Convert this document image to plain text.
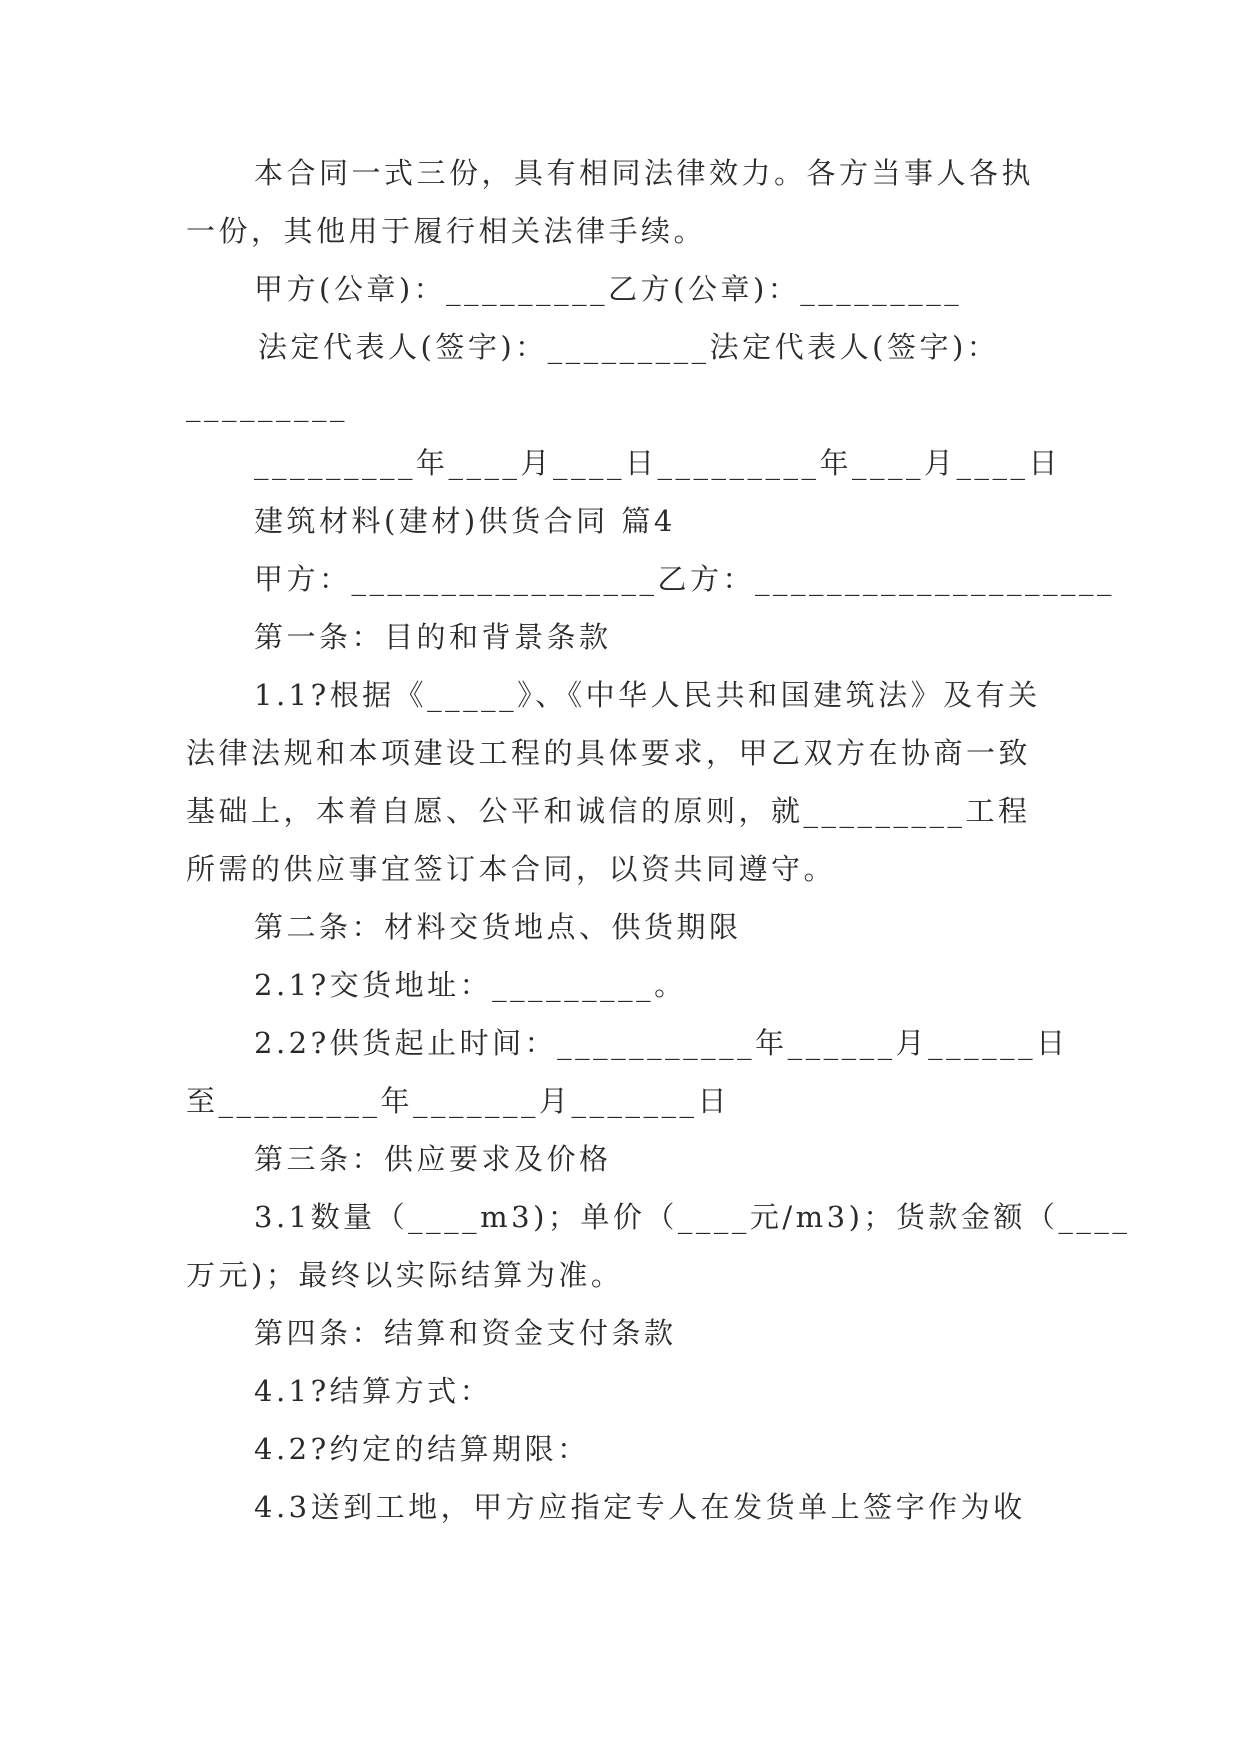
本合同一式三份，具有相同法律效力。各方当事人各执
一份，其他用于履行相关法律手续。
甲方(公章)：_________乙方(公章)：_________
法定代表人(签字)：_________法定代表人(签字)：
_________
_________年____月____日_________年____月____日
建筑材料(建材)供货合同 篇4
甲方：_________________乙方：____________________
第一条：目的和背景条款
1.1?根据《_____》、《中华人民共和国建筑法》及有关
法律法规和本项建设工程的具体要求，甲乙双方在协商一致
基础上，本着自愿、公平和诚信的原则，就_________工程
所需的供应事宜签订本合同，以资共同遵守。
第二条：材料交货地点、供货期限
2.1?交货地址：_________。
2.2?供货起止时间：___________年______月______日
至_________年_______月_______日
第三条：供应要求及价格
3.1数量（____m3)；单价（____元/m3)；货款金额（____
万元)；最终以实际结算为准。
第四条：结算和资金支付条款
4.1?结算方式：
4.2?约定的结算期限：
4.3送到工地，甲方应指定专人在发货单上签字作为收
